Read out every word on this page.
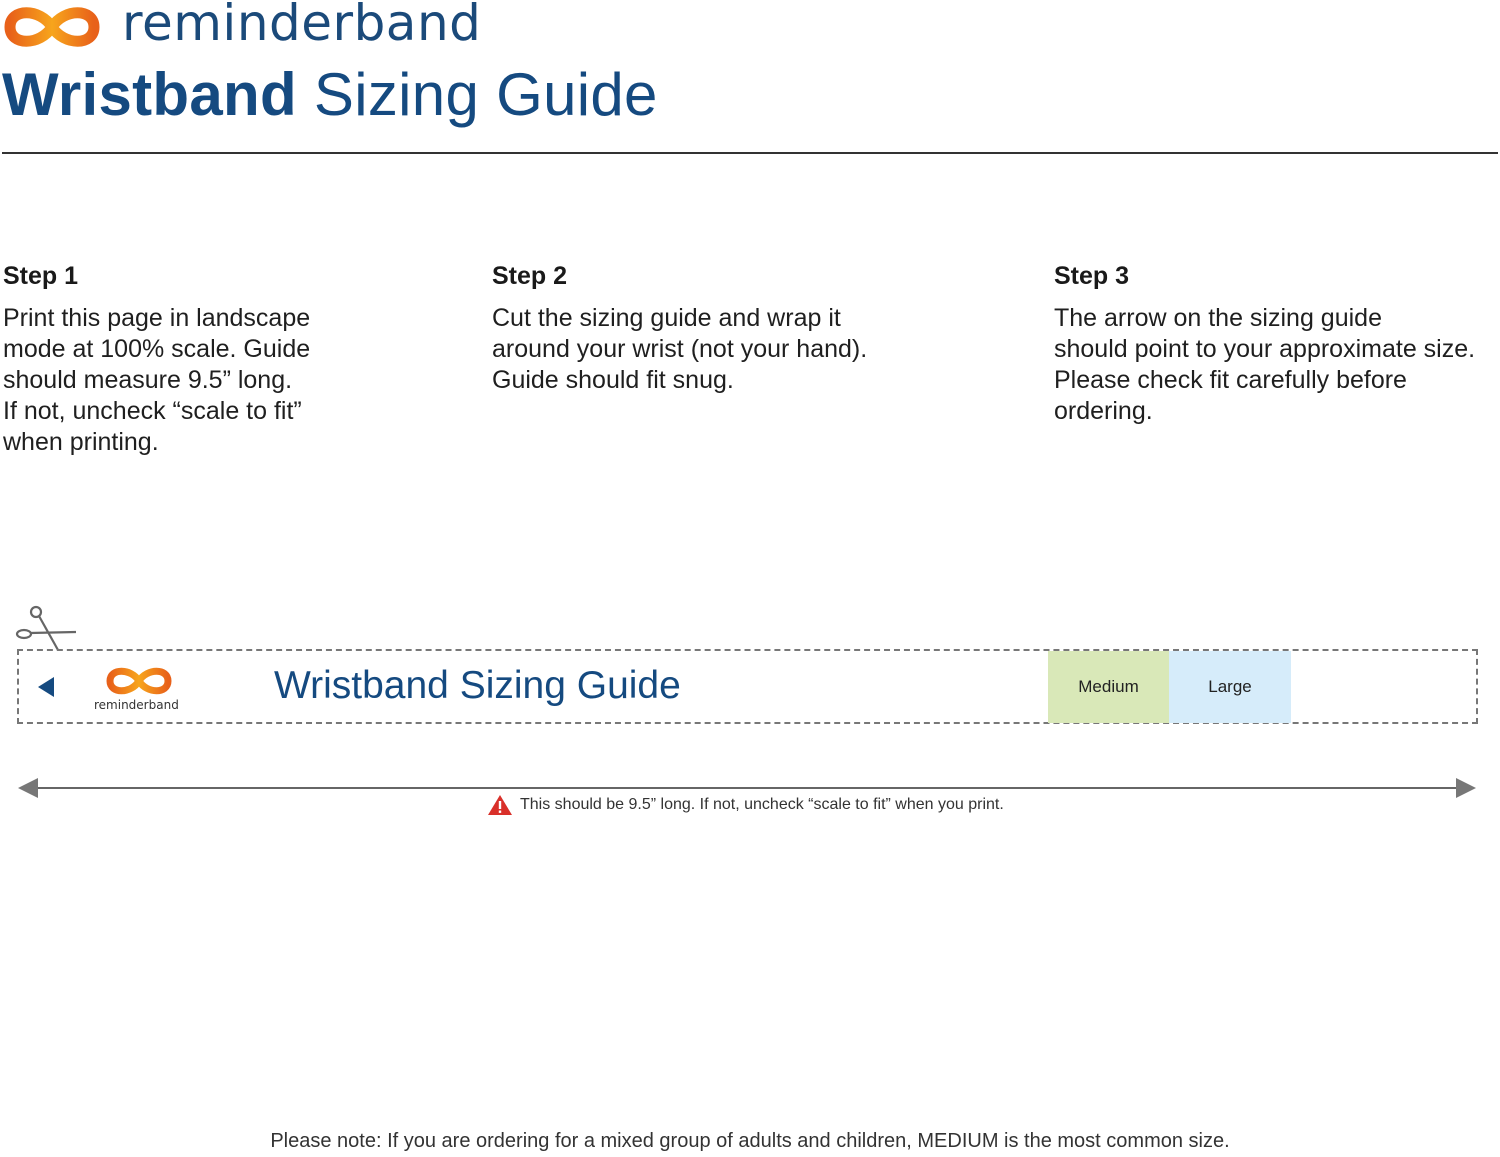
reminderband
Wristband Sizing Guide
Step 1

Print this page in landscape
mode at 100% scale. Guide
should measure 9.5” long.
If not, uncheck “scale to fit”
when printing.

Step 2

Cut the sizing guide and wrap it
around your wrist (not your hand).
Guide should fit snug.

Step 3

The arrow on the sizing guide
should point to your approximate size.
Please check fit carefully before
ordering.

reminderband Wristband Sizing Guide	Medium	Large
This should be 9.5” long. If not, uncheck “scale to fit” when you print.
Please note: If you are ordering for a mixed group of adults and children, MEDIUM is the most common size.
